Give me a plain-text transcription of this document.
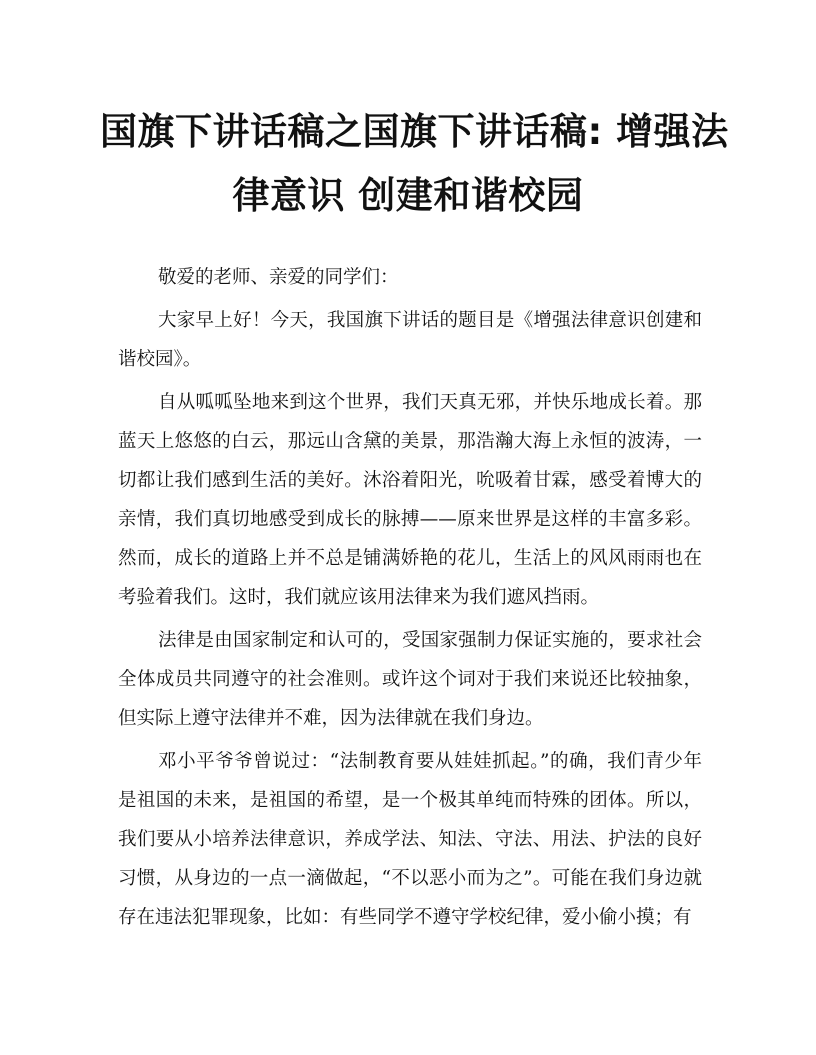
国旗下讲话稿之国旗下讲话稿: 增强法
律意识 创建和谐校园

敬爱的老师、亲爱的同学们：

大家早上好！今天，我国旗下讲话的题目是《增强法律意识创建和谐校园》。

自从呱呱坠地来到这个世界，我们天真无邪，并快乐地成长着。那蓝天上悠悠的白云，那远山含黛的美景，那浩瀚大海上永恒的波涛，一切都让我们感到生活的美好。沐浴着阳光，吮吸着甘霖，感受着博大的亲情，我们真切地感受到成长的脉搏——原来世界是这样的丰富多彩。然而，成长的道路上并不总是铺满娇艳的花儿，生活上的风风雨雨也在考验着我们。这时，我们就应该用法律来为我们遮风挡雨。

法律是由国家制定和认可的，受国家强制力保证实施的，要求社会全体成员共同遵守的社会准则。或许这个词对于我们来说还比较抽象，但实际上遵守法律并不难，因为法律就在我们身边。

邓小平爷爷曾说过：“法制教育要从娃娃抓起。”的确，我们青少年是祖国的未来，是祖国的希望，是一个极其单纯而特殊的团体。所以，我们要从小培养法律意识，养成学法、知法、守法、用法、护法的良好习惯，从身边的一点一滴做起，“不以恶小而为之”。可能在我们身边就存在违法犯罪现象，比如：有些同学不遵守学校纪律，爱小偷小摸；有
